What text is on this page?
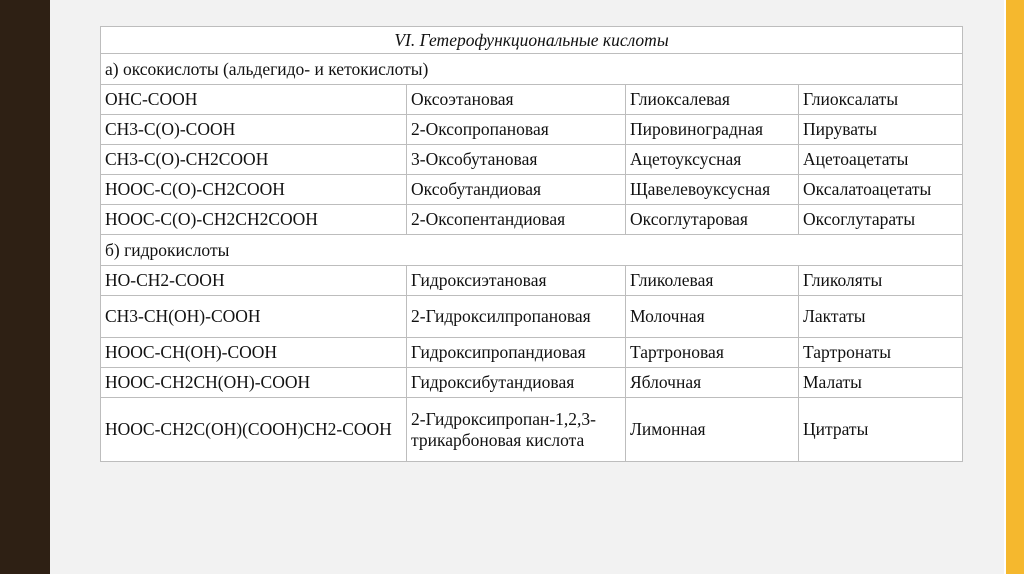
VI. Гетерофункциональные кислоты			
а) оксокислоты (альдегидо- и кетокислоты)			
OHC-COOH	Оксоэтановая	Глиоксалевая	Глиоксалаты
CH3-C(O)-COOH	2-Оксопропановая	Пировиноградная	Пируваты
CH3-C(O)-CH2COOH	3-Оксобутановая	Ацетоуксусная	Ацетоацетаты
HOOC-C(O)-CH2COOH	Оксобутандиовая	Щавелевоуксусная	Оксалатоацетаты
HOOC-C(O)-CH2CH2COOH	2-Оксопентандиовая	Оксоглутаровая	Оксоглутараты
б) гидрокислоты			
HO-CH2-COOH	Гидроксиэтановая	Гликолевая	Гликоляты
CH3-CH(OH)-COOH	2-Гидроксилпропановая	Молочная	Лактаты
HOOC-CH(OH)-COOH	Гидроксипропандиовая	Тартроновая	Тартронаты
HOOC-CH2CH(OH)-COOH	Гидроксибутандиовая	Яблочная	Малаты
HOOC-CH2C(OH)(COOH)CH2-COOH	2-Гидроксипропан-1,2,3-трикарбоновая кислота	Лимонная	Цитраты
